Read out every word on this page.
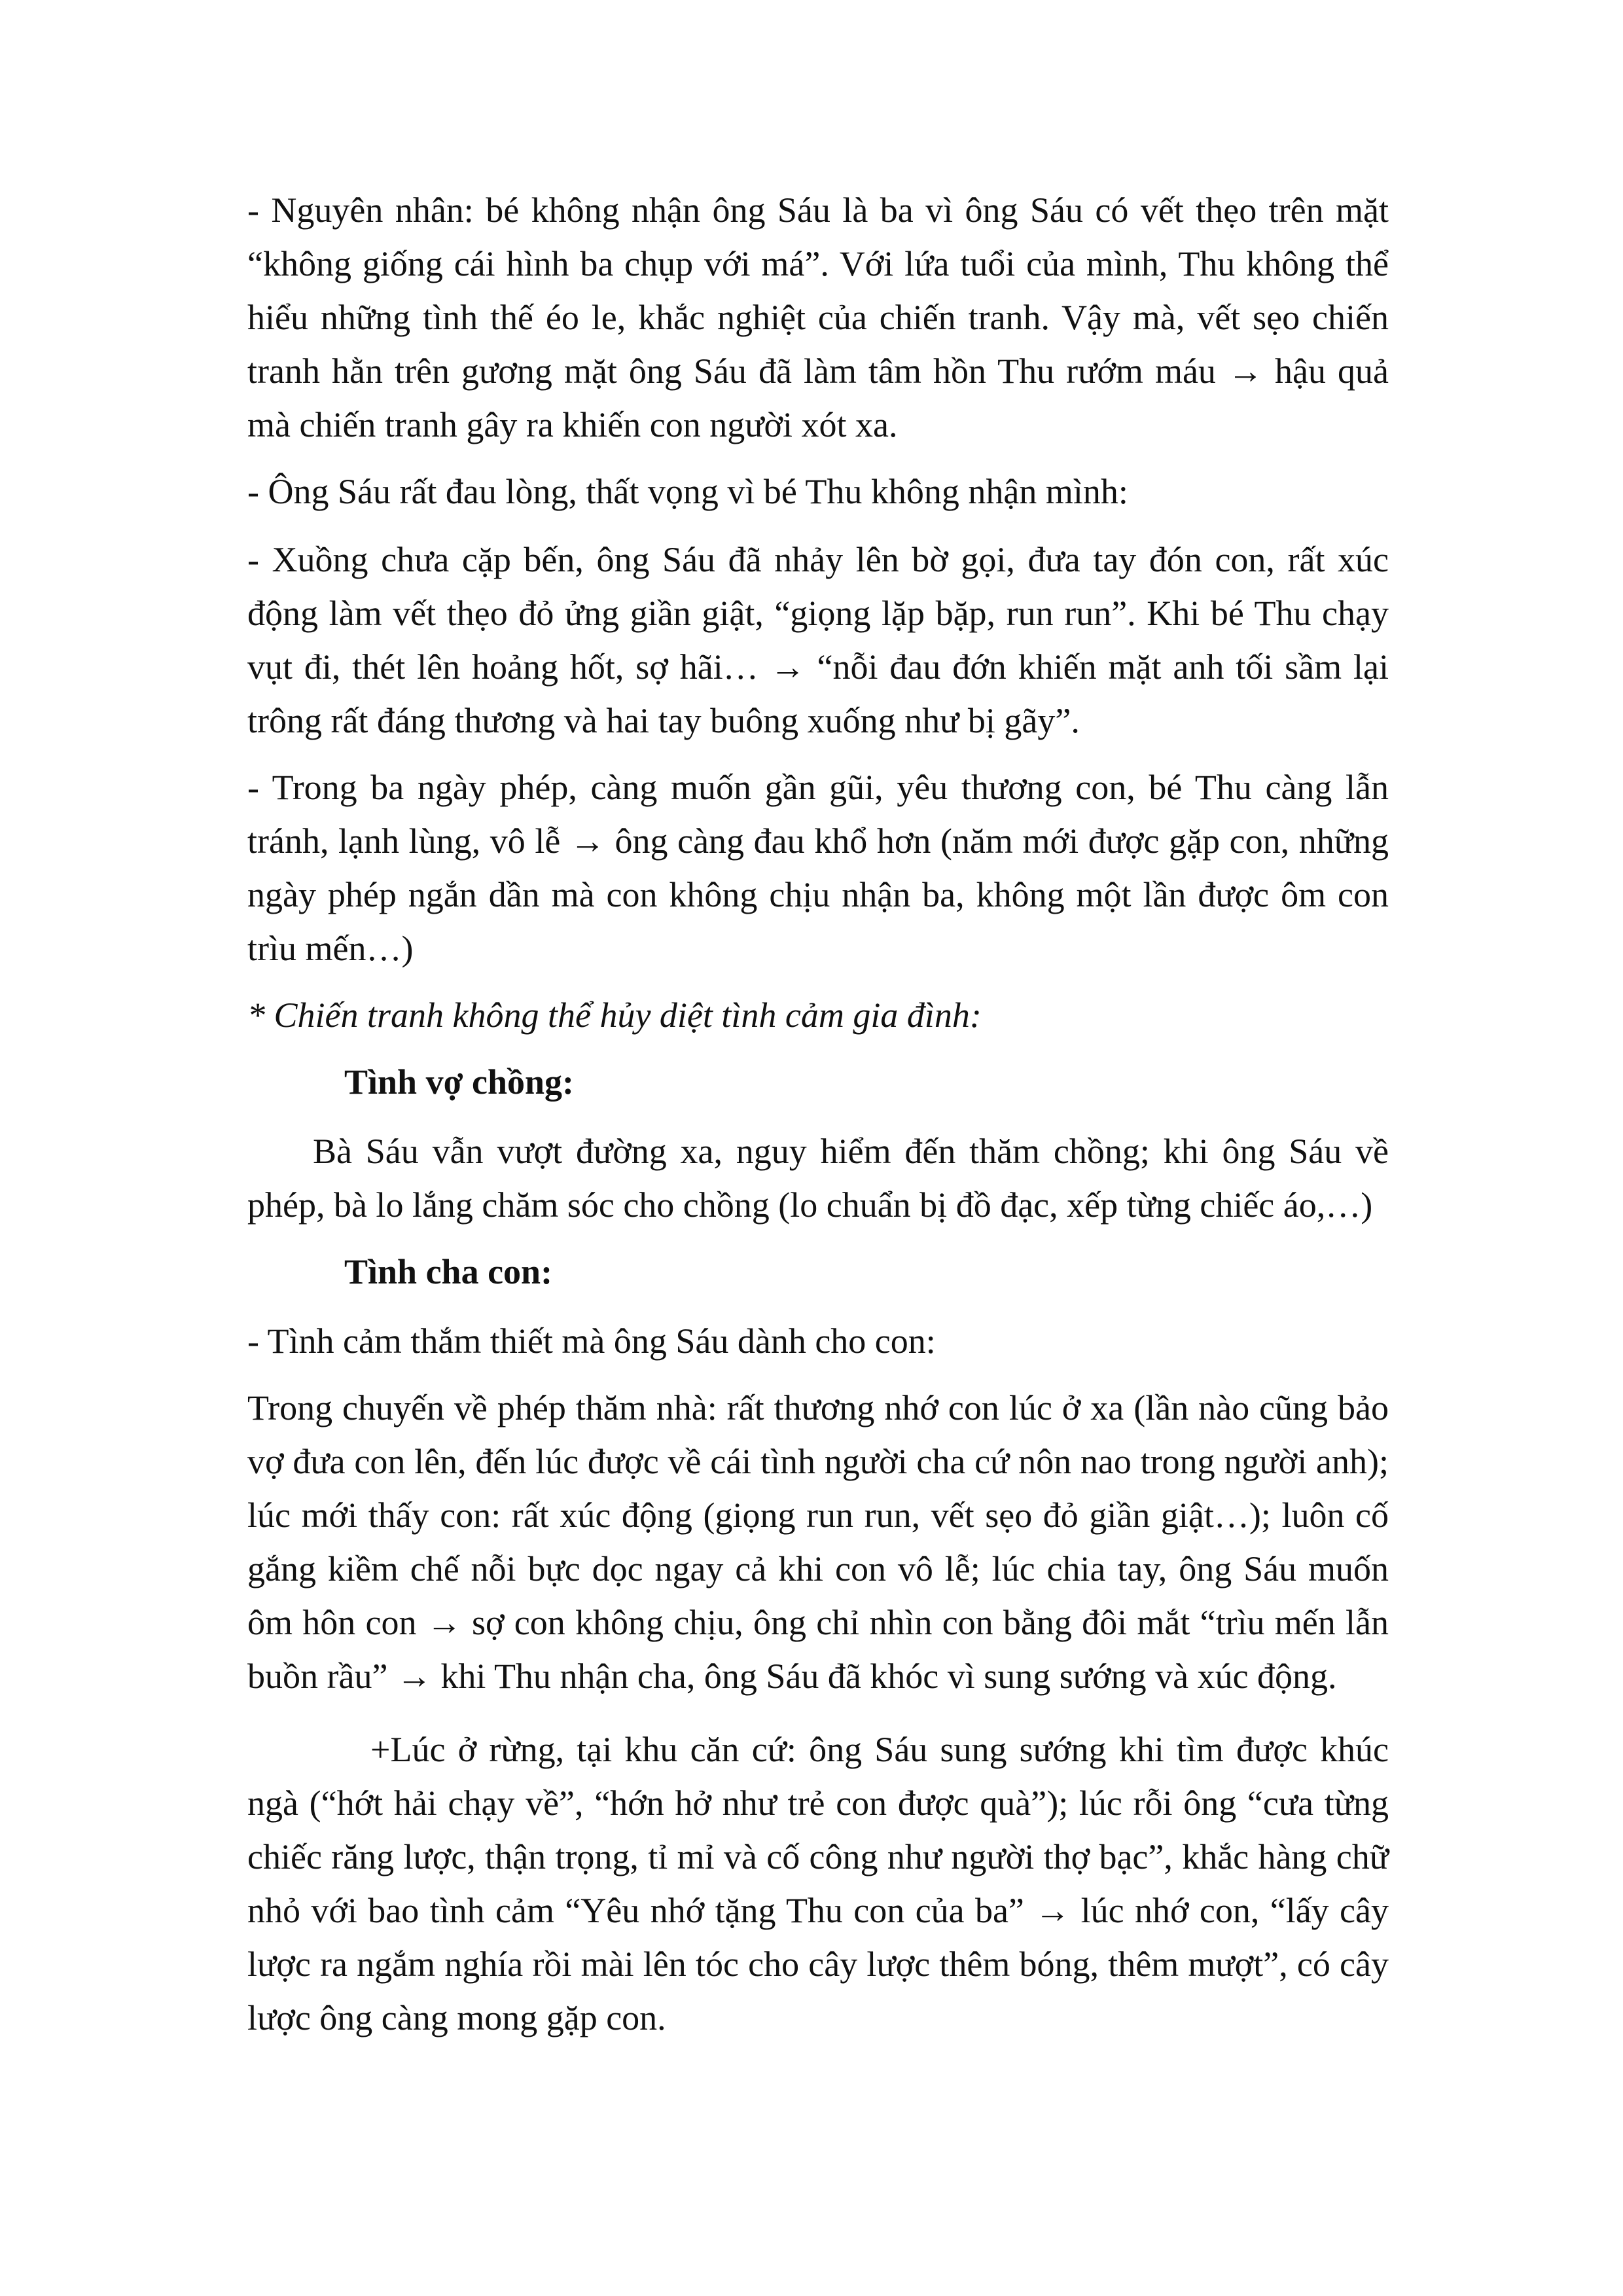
- Nguyên nhân: bé không nhận ông Sáu là ba vì ông Sáu có vết thẹo trên mặt “không giống cái hình ba chụp với má”. Với lứa tuổi của mình, Thu không thể hiểu những tình thế éo le, khắc nghiệt của chiến tranh. Vậy mà, vết sẹo chiến tranh hằn trên gương mặt ông Sáu đã làm tâm hồn Thu rướm máu → hậu quả mà chiến tranh gây ra khiến con người xót xa.

- Ông Sáu rất đau lòng, thất vọng vì bé Thu không nhận mình:

- Xuồng chưa cặp bến, ông Sáu đã nhảy lên bờ gọi, đưa tay đón con, rất xúc động làm vết thẹo đỏ ửng giần giật, “giọng lặp bặp, run run”. Khi bé Thu chạy vụt đi, thét lên hoảng hốt, sợ hãi… → “nỗi đau đớn khiến mặt anh tối sầm lại trông rất đáng thương và hai tay buông xuống như bị gãy”.

- Trong ba ngày phép, càng muốn gần gũi, yêu thương con, bé Thu càng lẫn tránh, lạnh lùng, vô lễ → ông càng đau khổ hơn (năm mới được gặp con, những ngày phép ngắn dần mà con không chịu nhận ba, không một lần được ôm con trìu mến…)

* Chiến tranh không thể hủy diệt tình cảm gia đình:

Tình vợ chồng:

Bà Sáu vẫn vượt đường xa, nguy hiểm đến thăm chồng; khi ông Sáu về phép, bà lo lắng chăm sóc cho chồng (lo chuẩn bị đồ đạc, xếp từng chiếc áo,…)

Tình cha con:

- Tình cảm thắm thiết mà ông Sáu dành cho con:

Trong chuyến về phép thăm nhà: rất thương nhớ con lúc ở xa (lần nào cũng bảo vợ đưa con lên, đến lúc được về cái tình người cha cứ nôn nao trong người anh); lúc mới thấy con: rất xúc động (giọng run run, vết sẹo đỏ giần giật…); luôn cố gắng kiềm chế nỗi bực dọc ngay cả khi con vô lễ; lúc chia tay, ông Sáu muốn ôm hôn con → sợ con không chịu, ông chỉ nhìn con bằng đôi mắt “trìu mến lẫn buồn rầu” → khi Thu nhận cha, ông Sáu đã khóc vì sung sướng và xúc động.

+Lúc ở rừng, tại khu căn cứ: ông Sáu sung sướng khi tìm được khúc ngà (“hớt hải chạy về”, “hớn hở như trẻ con được quà”); lúc rỗi ông “cưa từng chiếc răng lược, thận trọng, tỉ mỉ và cố công như người thợ bạc”, khắc hàng chữ nhỏ với bao tình cảm “Yêu nhớ tặng Thu con của ba” → lúc nhớ con, “lấy cây lược ra ngắm nghía rồi mài lên tóc cho cây lược thêm bóng, thêm mượt”, có cây lược ông càng mong gặp con.
